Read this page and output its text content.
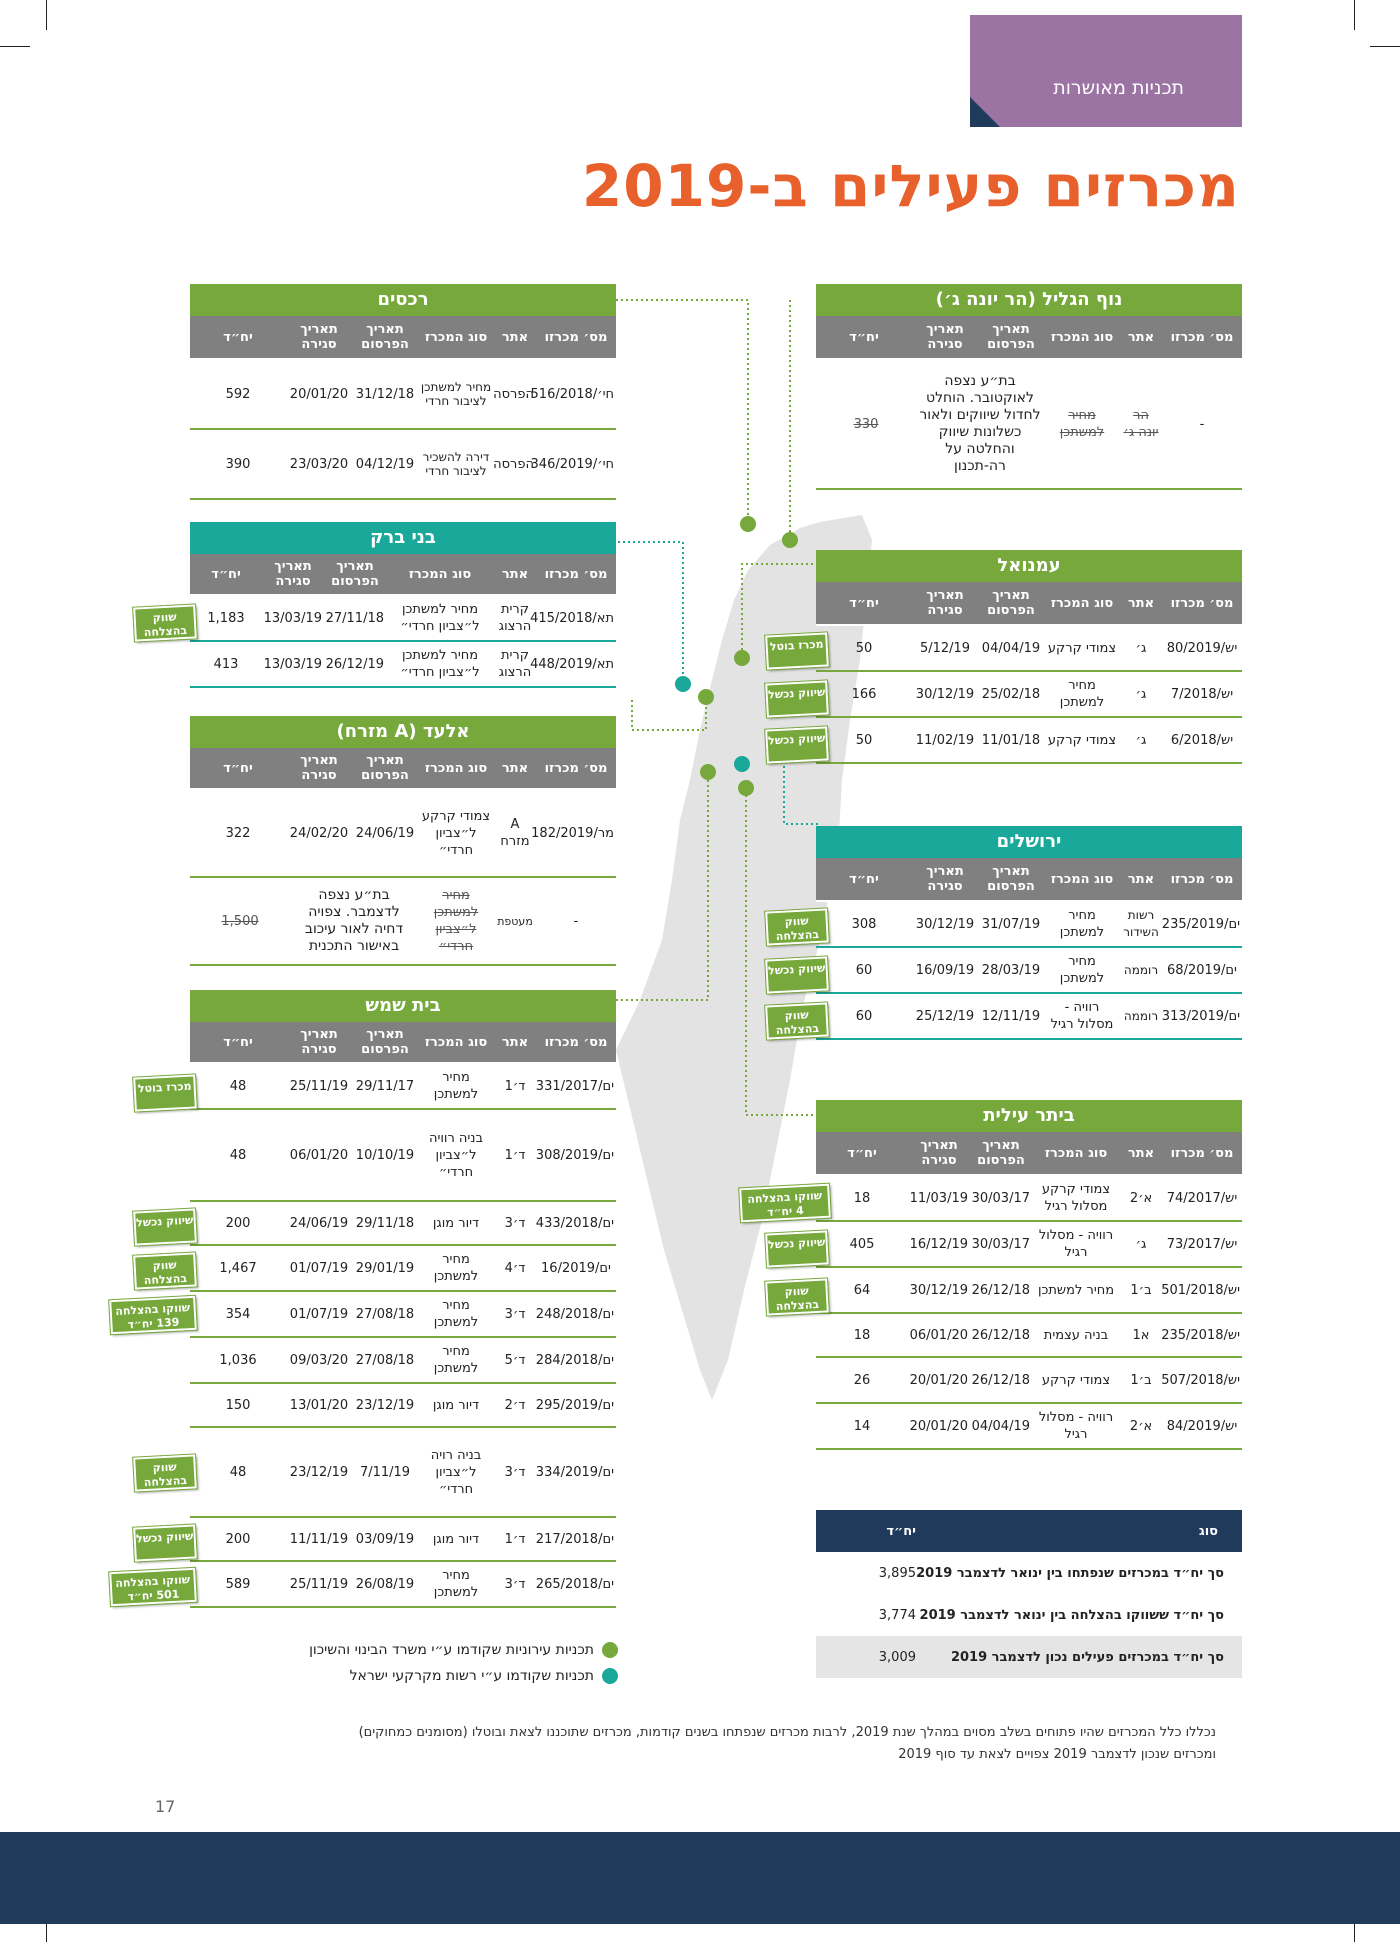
תכניות מאושרות
מכרזים פעילים ב-2019
נוף הגליל (הר יונה ג׳)
מס׳ מכרזו
אתר
סוג המכרז
תאריך הפרסום
תאריך סגירה
יח״ד
-
הר יונה ג׳
מחיר למשתכן
בת״ע נצפה לאוקטובר. הוחלט לחדול שיווקים ולאור כשלונות שיווק והחלטה על רה-תכנון
330
רכסים
מס׳ מכרזו
אתר
סוג המכרז
תאריך הפרסום
תאריך סגירה
יח״ד
חי׳/516/2018
הפרסה
מחיר למשתכן לציבור חרדי
31/12/18
20/01/20
592
חי׳/346/2019
הפרסה
דירה להשכיר לציבור חרדי
04/12/19
23/03/20
390
בני ברק
מס׳ מכרזו
אתר
סוג המכרז
תאריך הפרסום
תאריך סגירה
יח״ד
תא/415/2018
קרית הרצוג
מחיר למשתכן ל״צביון חרדי״
27/11/18
13/03/19
1,183
תא/448/2019
קרית הרצוג
מחיר למשתכן ל״צביון חרדי״
26/12/19
13/03/19
413
שווק בהצלחה
עמנואל
מס׳ מכרזו
אתר
סוג המכרז
תאריך הפרסום
תאריך סגירה
יח״ד
יש/80/2019
ג׳
צמודי קרקע
04/04/19
5/12/19
50
יש/7/2018
ג׳
מחיר למשתכן
25/02/18
30/12/19
166
יש/6/2018
ג׳
צמודי קרקע
11/01/18
11/02/19
50
מכרז בוטל
שיווק נכשל
שיווק נכשל
אלעד (A מזרח)
מס׳ מכרזו
אתר
סוג המכרז
תאריך הפרסום
תאריך סגירה
יח״ד
מר/182/2019
A מזרח
צמודי קרקע ל״צביון חרדי״
24/06/19
24/02/20
322
-
מעטפת
מחיר למשתכן ל״צביון חרדי״
בת״ע נצפה לדצמבר. צפויה דחיה לאור עיכוב באישור התכנית
1,500
ירושלים
מס׳ מכרזו
אתר
סוג המכרז
תאריך הפרסום
תאריך סגירה
יח״ד
ים/235/2019
רשות השידור
מחיר למשתכן
31/07/19
30/12/19
308
ים/68/2019
רוממה
מחיר למשתכן
28/03/19
16/09/19
60
ים/313/2019
רוממה
רוויה - מסלול רגיל
12/11/19
25/12/19
60
שווק בהצלחה
שיווק נכשל
שווק בהצלחה
בית שמש
מס׳ מכרזו
אתר
סוג המכרז
תאריך הפרסום
תאריך סגירה
יח״ד
ים/331/2017
ד׳1
מחיר למשתכן
29/11/17
25/11/19
48
ים/308/2019
ד׳1
בניה רוויה ל״צביון חרדי״
10/10/19
06/01/20
48
ים/433/2018
ד׳3
דיור מוגן
29/11/18
24/06/19
200
ים/16/2019
ד׳4
מחיר למשתכן
29/01/19
01/07/19
1,467
ים/248/2018
ד׳3
מחיר למשתכן
27/08/18
01/07/19
354
ים/284/2018
ד׳5
מחיר למשתכן
27/08/18
09/03/20
1,036
ים/295/2019
ד׳2
דיור מוגן
23/12/19
13/01/20
150
ים/334/2019
ד׳3
בניה רויה ל״צביון חרדי״
7/11/19
23/12/19
48
ים/217/2018
ד׳1
דיור מוגן
03/09/19
11/11/19
200
ים/265/2018
ד׳3
מחיר למשתכן
26/08/19
25/11/19
589
מכרז בוטל
שיווק נכשל
שווק בהצלחה
שווקו בהצלחה 139 יח״ד
שווק בהצלחה
שיווק נכשל
שווקו בהצלחה 501 יח״ד
ביתר עילית
מס׳ מכרזו
אתר
סוג המכרז
תאריך הפרסום
תאריך סגירה
יח״ד
יש/74/2017
א׳2
צמודי קרקע מסלול רגיל
30/03/17
11/03/19
18
יש/73/2017
ג׳
רוויה - מסלול רגיל
30/03/17
16/12/19
405
יש/501/2018
ב׳1
מחיר למשתכן
26/12/18
30/12/19
64
יש/235/2018
א1
בניה עצמית
26/12/18
06/01/20
18
יש/507/2018
ב׳1
צמודי קרקע
26/12/18
20/01/20
26
יש/84/2019
א׳2
רוויה - מסלול רגיל
04/04/19
20/01/20
14
שווקו בהצלחה 4 יח״ד
שיווק נכשל
שווק בהצלחה
סוג
יח״ד
סך יח״ד במכרזים שנפתחו בין ינואר לדצמבר 2019
3,895
סך יח״ד ששווקו בהצלחה בין ינואר לדצמבר 2019
3,774
סך יח״ד במכרזים פעילים נכון לדצמבר 2019
3,009
תכניות עירוניות שקודמו ע״י משרד הבינוי והשיכון
תכניות שקודמו ע״י רשות מקרקעי ישראל
נכללו כלל המכרזים שהיו פתוחים בשלב מסוים במהלך שנת 2019, לרבות מכרזים שנפתחו בשנים קודמות, מכרזים שתוכננו לצאת ובוטלו (מסומנים כמחוקים)
ומכרזים שנכון לדצמבר 2019 צפויים לצאת עד סוף 2019
17
